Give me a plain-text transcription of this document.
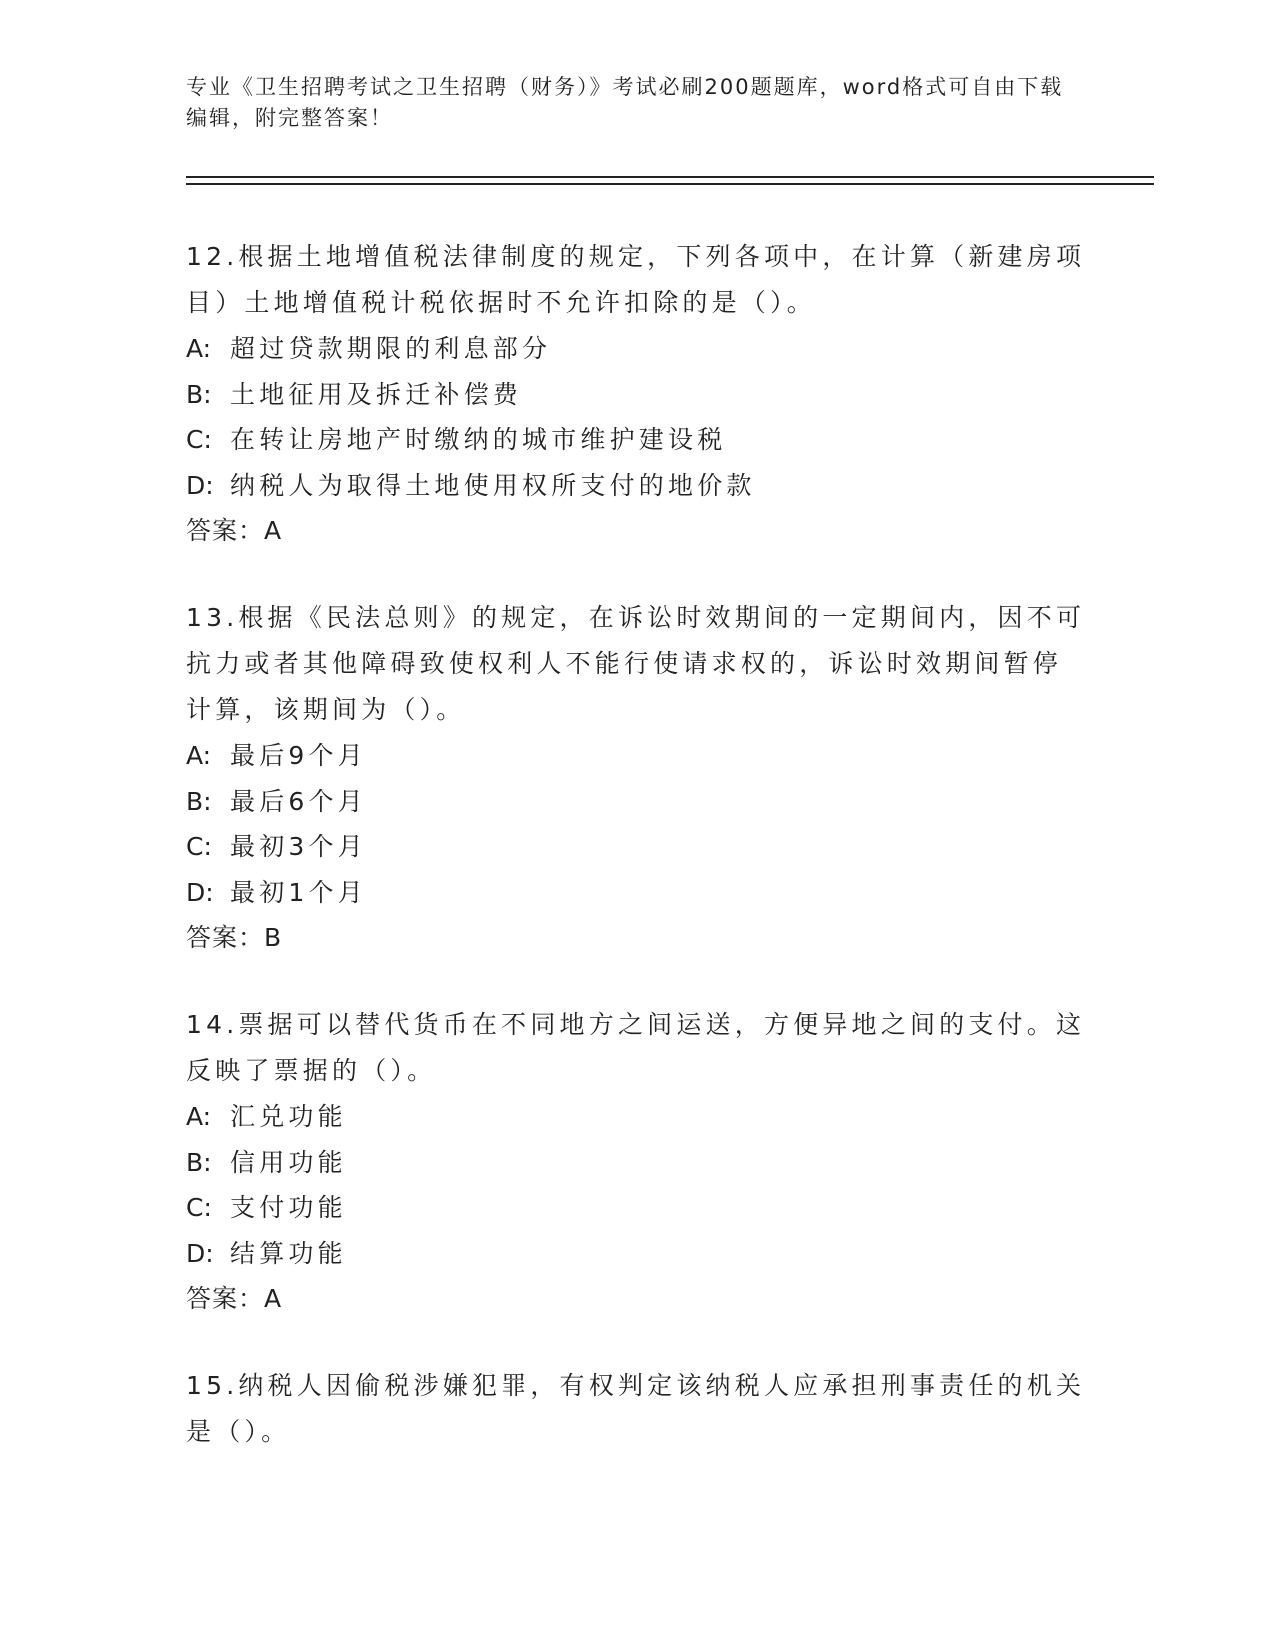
专业《卫生招聘考试之卫生招聘（财务）》考试必刷200题题库，word格式可自由下载编辑，附完整答案！

12.根据土地增值税法律制度的规定，下列各项中，在计算（新建房项目）土地增值税计税依据时不允许扣除的是（）。

A: 超过贷款期限的利息部分
B: 土地征用及拆迁补偿费
C: 在转让房地产时缴纳的城市维护建设税
D: 纳税人为取得土地使用权所支付的地价款
答案：A

13.根据《民法总则》的规定，在诉讼时效期间的一定期间内，因不可抗力或者其他障碍致使权利人不能行使请求权的，诉讼时效期间暂停计算，该期间为（）。

A: 最后9个月
B: 最后6个月
C: 最初3个月
D: 最初1个月
答案：B

14.票据可以替代货币在不同地方之间运送，方便异地之间的支付。这反映了票据的（）。

A: 汇兑功能
B: 信用功能
C: 支付功能
D: 结算功能
答案：A

15.纳税人因偷税涉嫌犯罪，有权判定该纳税人应承担刑事责任的机关是（）。
